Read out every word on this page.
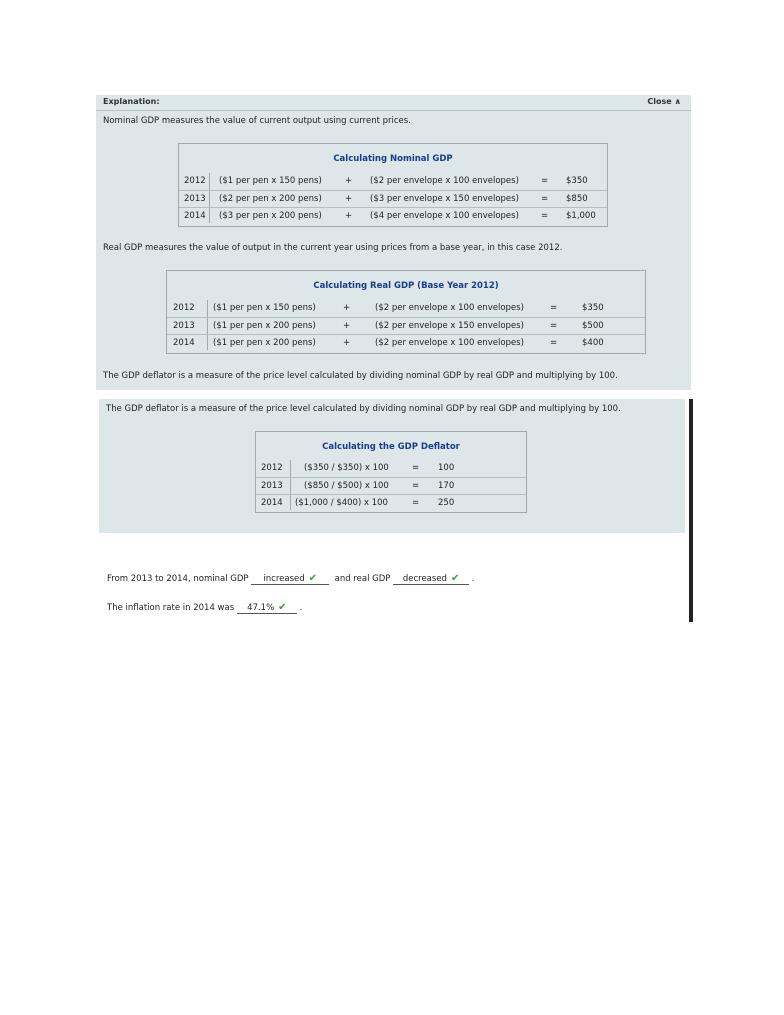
Explanation:	Close ∧
Nominal GDP measures the value of current output using current prices.
Calculating Nominal GDP
2012 ($1 per pen x 150 pens)	+ ($2 per envelope x 100 envelopes)	= $350
2013 ($2 per pen x 200 pens)	+ ($3 per envelope x 150 envelopes)	= $850
2014 ($3 per pen x 200 pens)	+ ($4 per envelope x 100 envelopes)	= $1,000
Real GDP measures the value of output in the current year using prices from a base year, in this case 2012.
Calculating Real GDP (Base Year 2012)
2012 ($1 per pen x 150 pens)	+	($2 per envelope x 100 envelopes)	=	$350
2013 ($1 per pen x 200 pens)	+	($2 per envelope x 150 envelopes)	=	$500
2014 ($1 per pen x 200 pens)	+	($2 per envelope x 100 envelopes)	=	$400
The GDP deflator is a measure of the price level calculated by dividing nominal GDP by real GDP and multiplying by 100.
The GDP deflator is a measure of the price level calculated by dividing nominal GDP by real GDP and multiplying by 100.
Calculating the GDP Deflator
2012	($350 / $350) x 100	= 100
2013	($850 / $500) x 100	= 170
2014 ($1,000 / $400) x 100	= 250
From 2013 to 2014, nominal GDP increased ✔ and real GDP decreased ✔ .
The inflation rate in 2014 was 47.1% ✔ .
